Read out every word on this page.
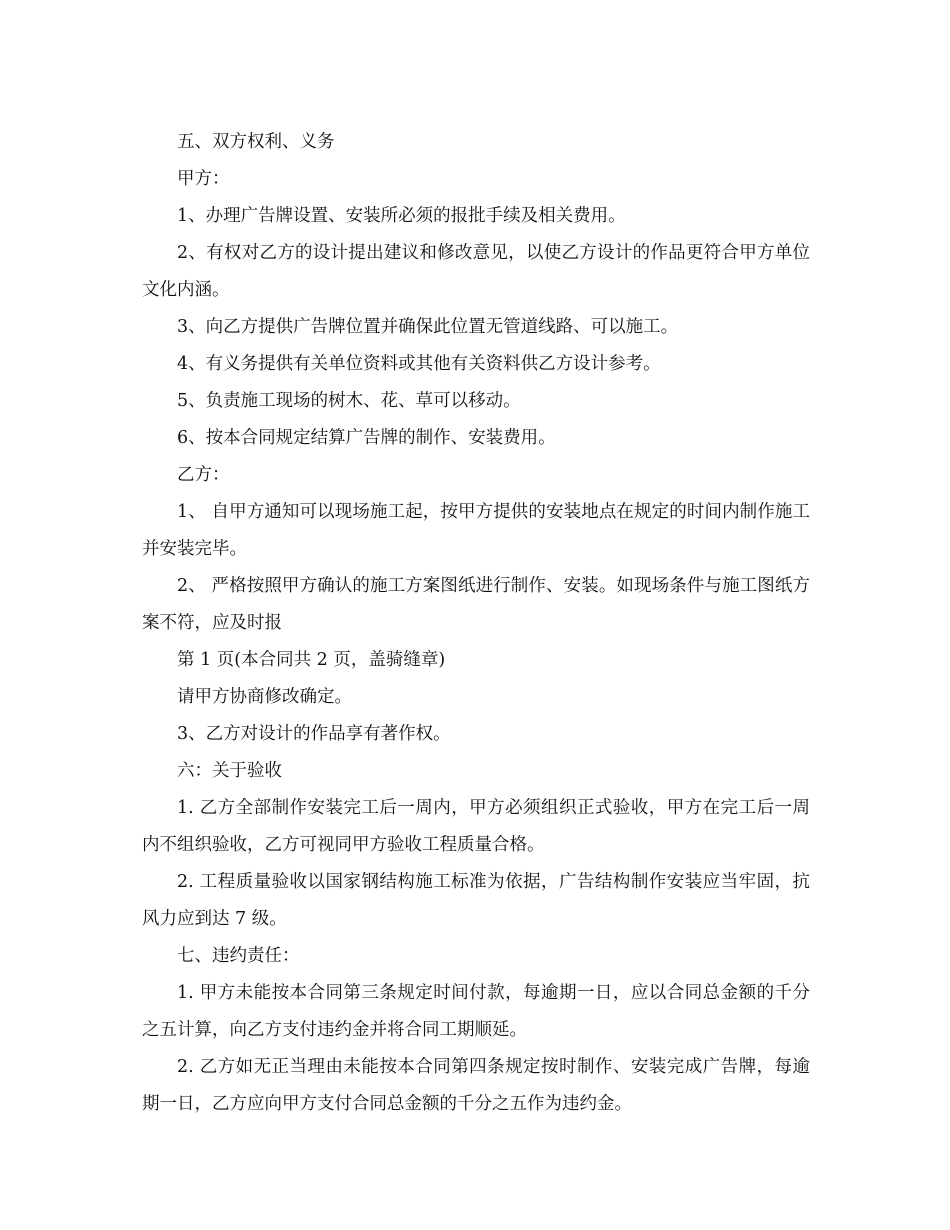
五、双方权利、义务

甲方：

1、办理广告牌设置、安装所必须的报批手续及相关费用。

2、有权对乙方的设计提出建议和修改意见，以使乙方设计的作品更符合甲方单位文化内涵。

3、向乙方提供广告牌位置并确保此位置无管道线路、可以施工。

4、有义务提供有关单位资料或其他有关资料供乙方设计参考。

5、负责施工现场的树木、花、草可以移动。

6、按本合同规定结算广告牌的制作、安装费用。

乙方：

1、 自甲方通知可以现场施工起，按甲方提供的安装地点在规定的时间内制作施工并安装完毕。

2、 严格按照甲方确认的施工方案图纸进行制作、安装。如现场条件与施工图纸方案不符，应及时报

第 1 页(本合同共 2 页，盖骑缝章)

请甲方协商修改确定。

3、乙方对设计的作品享有著作权。

六：关于验收

1. 乙方全部制作安装完工后一周内，甲方必须组织正式验收，甲方在完工后一周内不组织验收，乙方可视同甲方验收工程质量合格。

2. 工程质量验收以国家钢结构施工标准为依据，广告结构制作安装应当牢固，抗风力应到达 7 级。

七、违约责任：

1. 甲方未能按本合同第三条规定时间付款，每逾期一日，应以合同总金额的千分之五计算，向乙方支付违约金并将合同工期顺延。

2. 乙方如无正当理由未能按本合同第四条规定按时制作、安装完成广告牌，每逾期一日，乙方应向甲方支付合同总金额的千分之五作为违约金。
